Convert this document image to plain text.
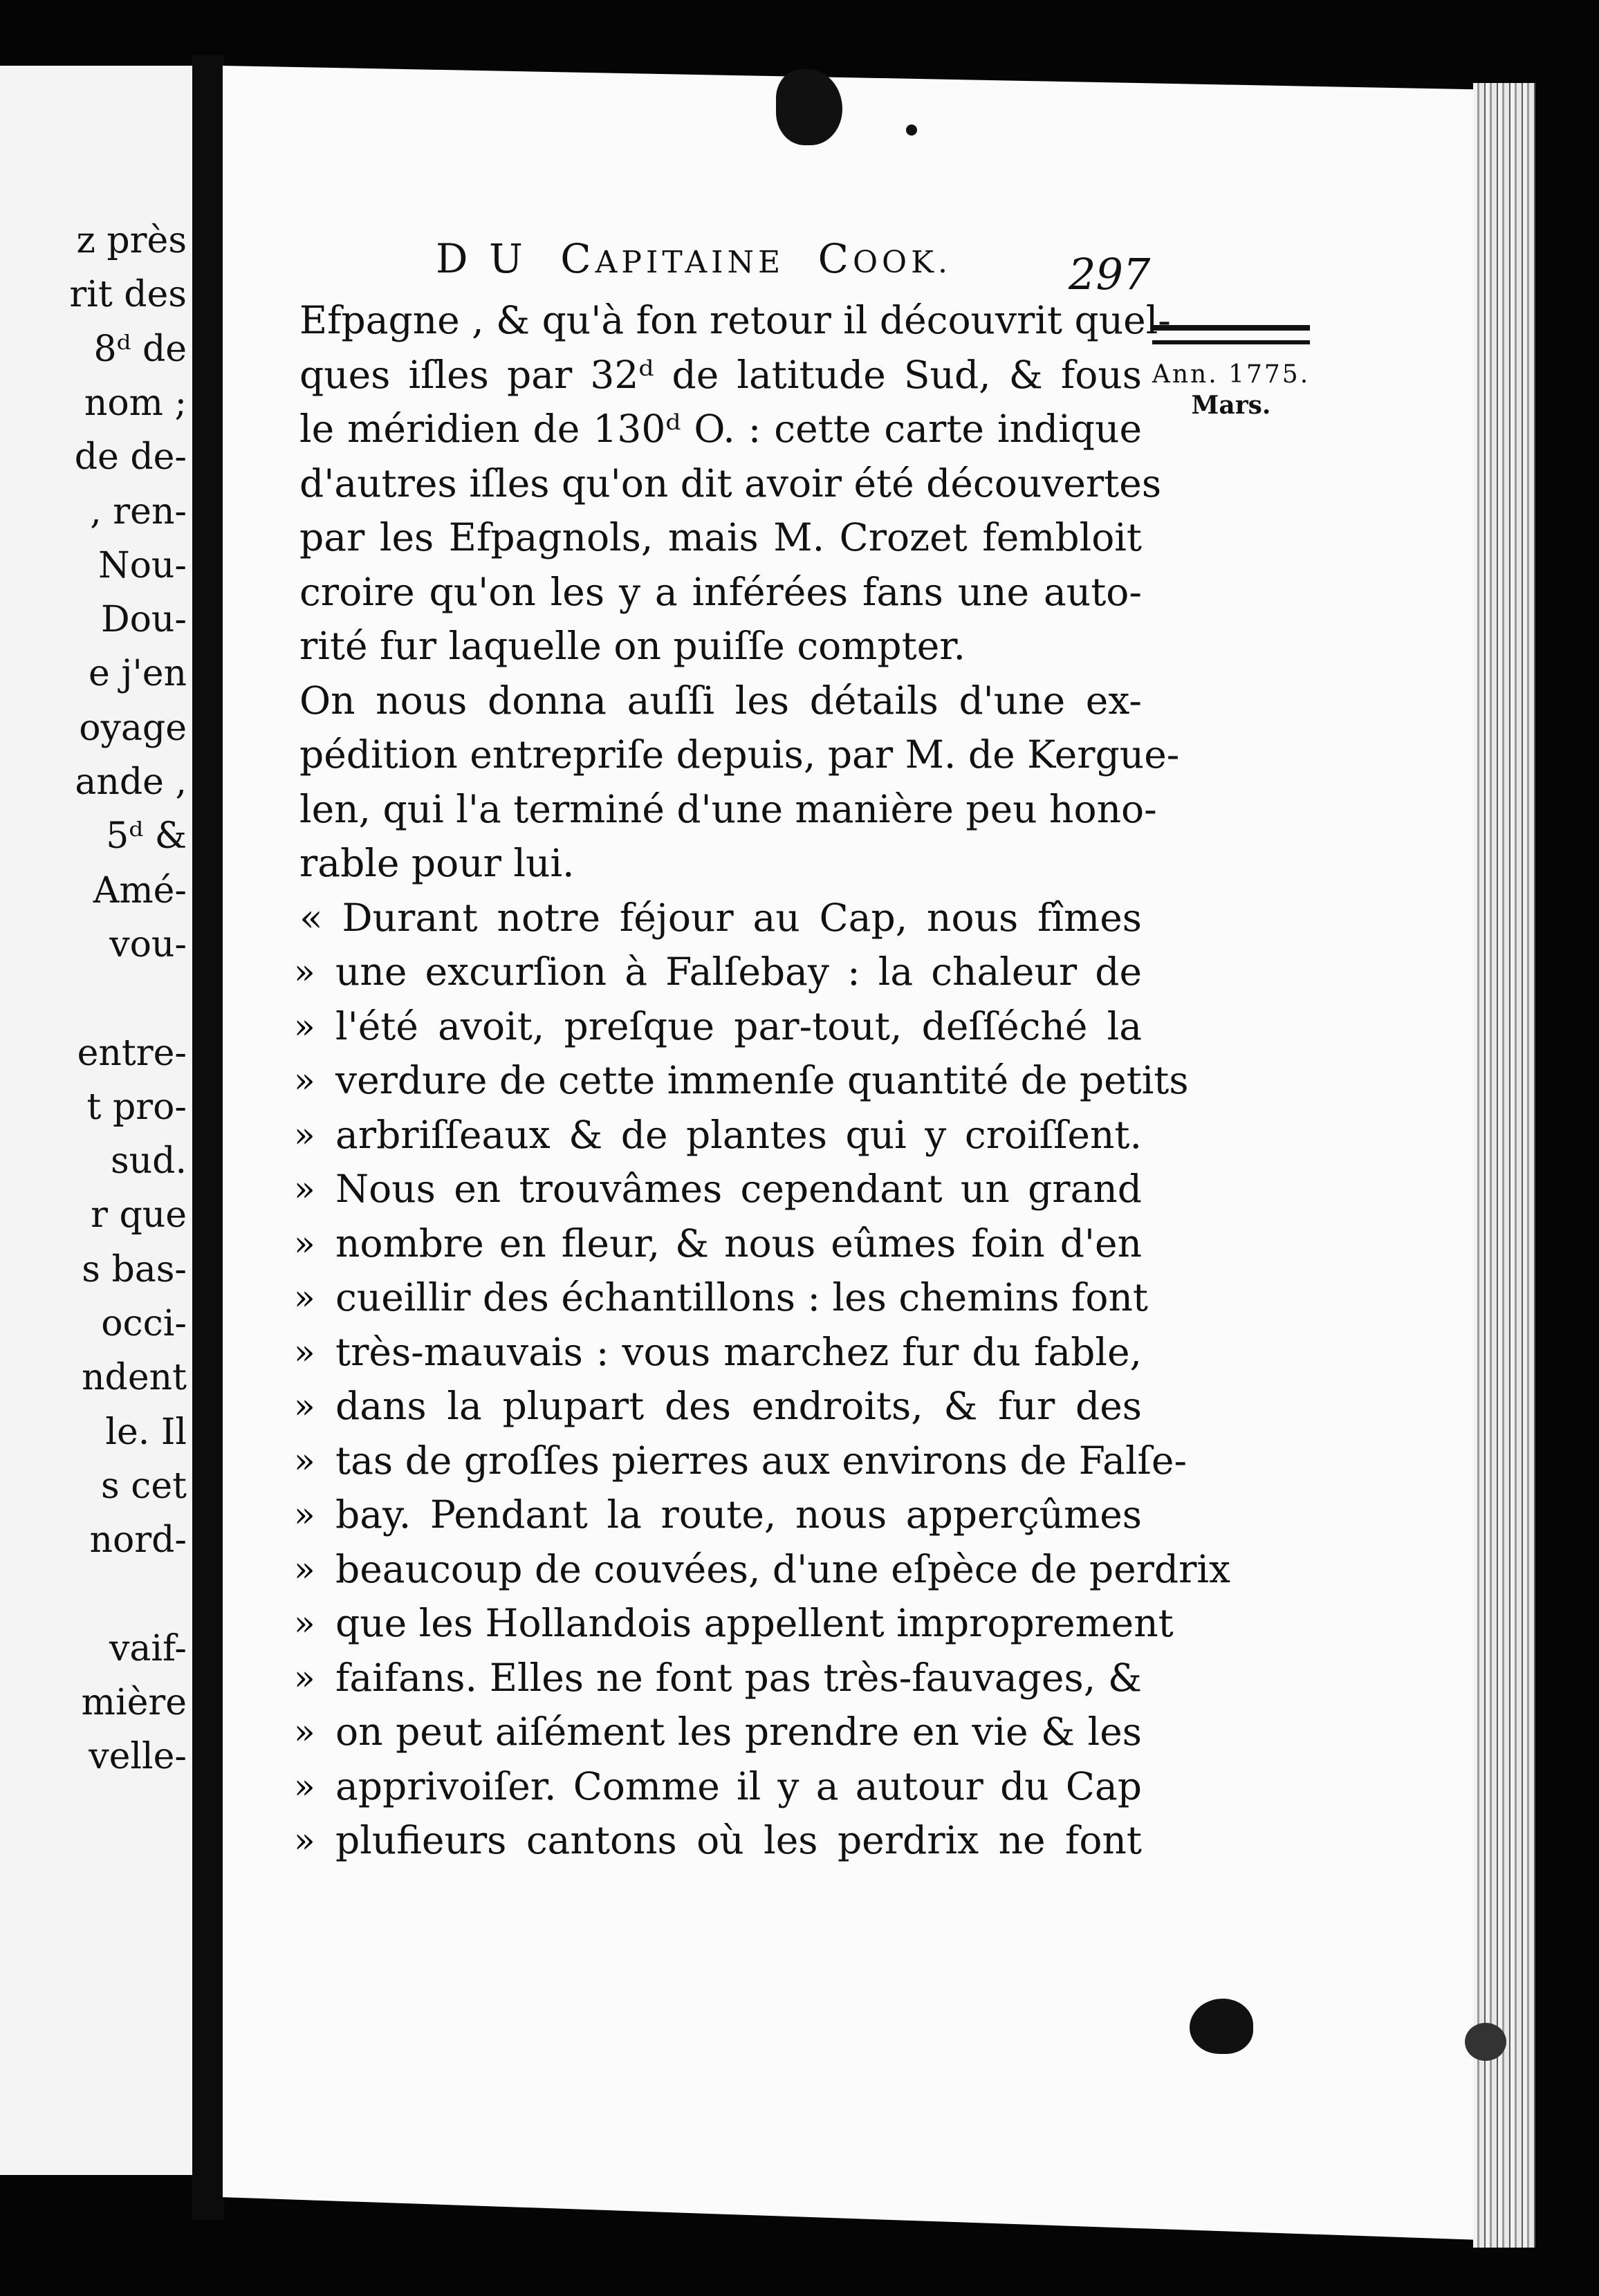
z près
rit des
8ᵈ de
nom ;
de de-
, ren-
Nou-
Dou-
e j'en
oyage
ande ,
5ᵈ &
Amé-
vou-
entre-
t pro-
sud.
r que
s bas-
occi-
ndent
le. Il
s cet
nord-
vaif-
mière
velle-
D U CAPITAINE COOK.	297
Ann. 1775.
Mars.
Efpagne , & qu'à fon retour il découvrit quel-
ques iſles par 32ᵈ de latitude Sud, & fous
le méridien de 130ᵈ O. : cette carte indique
d'autres iſles qu'on dit avoir été découvertes
par les Efpagnols, mais M. Crozet fembloit
croire qu'on les y a inférées fans une auto-
rité fur laquelle on puiſſe compter.
On nous donna auſſi les détails d'une ex-
pédition entrepriſe depuis, par M. de Kergue-
len, qui l'a terminé d'une manière peu hono-
rable pour lui.
« Durant notre féjour au Cap, nous fîmes
» une excurſion à Falſebay : la chaleur de
» l'été avoit, preſque par-tout, deſſéché la
» verdure de cette immenſe quantité de petits
» arbriſſeaux & de plantes qui y croiſſent.
» Nous en trouvâmes cependant un grand
» nombre en fleur, & nous eûmes foin d'en
» cueillir des échantillons : les chemins font
» très-mauvais : vous marchez fur du fable,
» dans la plupart des endroits, & fur des
» tas de groſſes pierres aux environs de Falſe-
» bay. Pendant la route, nous apperçûmes
» beaucoup de couvées, d'une eſpèce de perdrix
» que les Hollandois appellent improprement
» faifans. Elles ne font pas très-fauvages, &
» on peut aiſément les prendre en vie & les
» apprivoiſer. Comme il y a autour du Cap
» plufieurs cantons où les perdrix ne font
